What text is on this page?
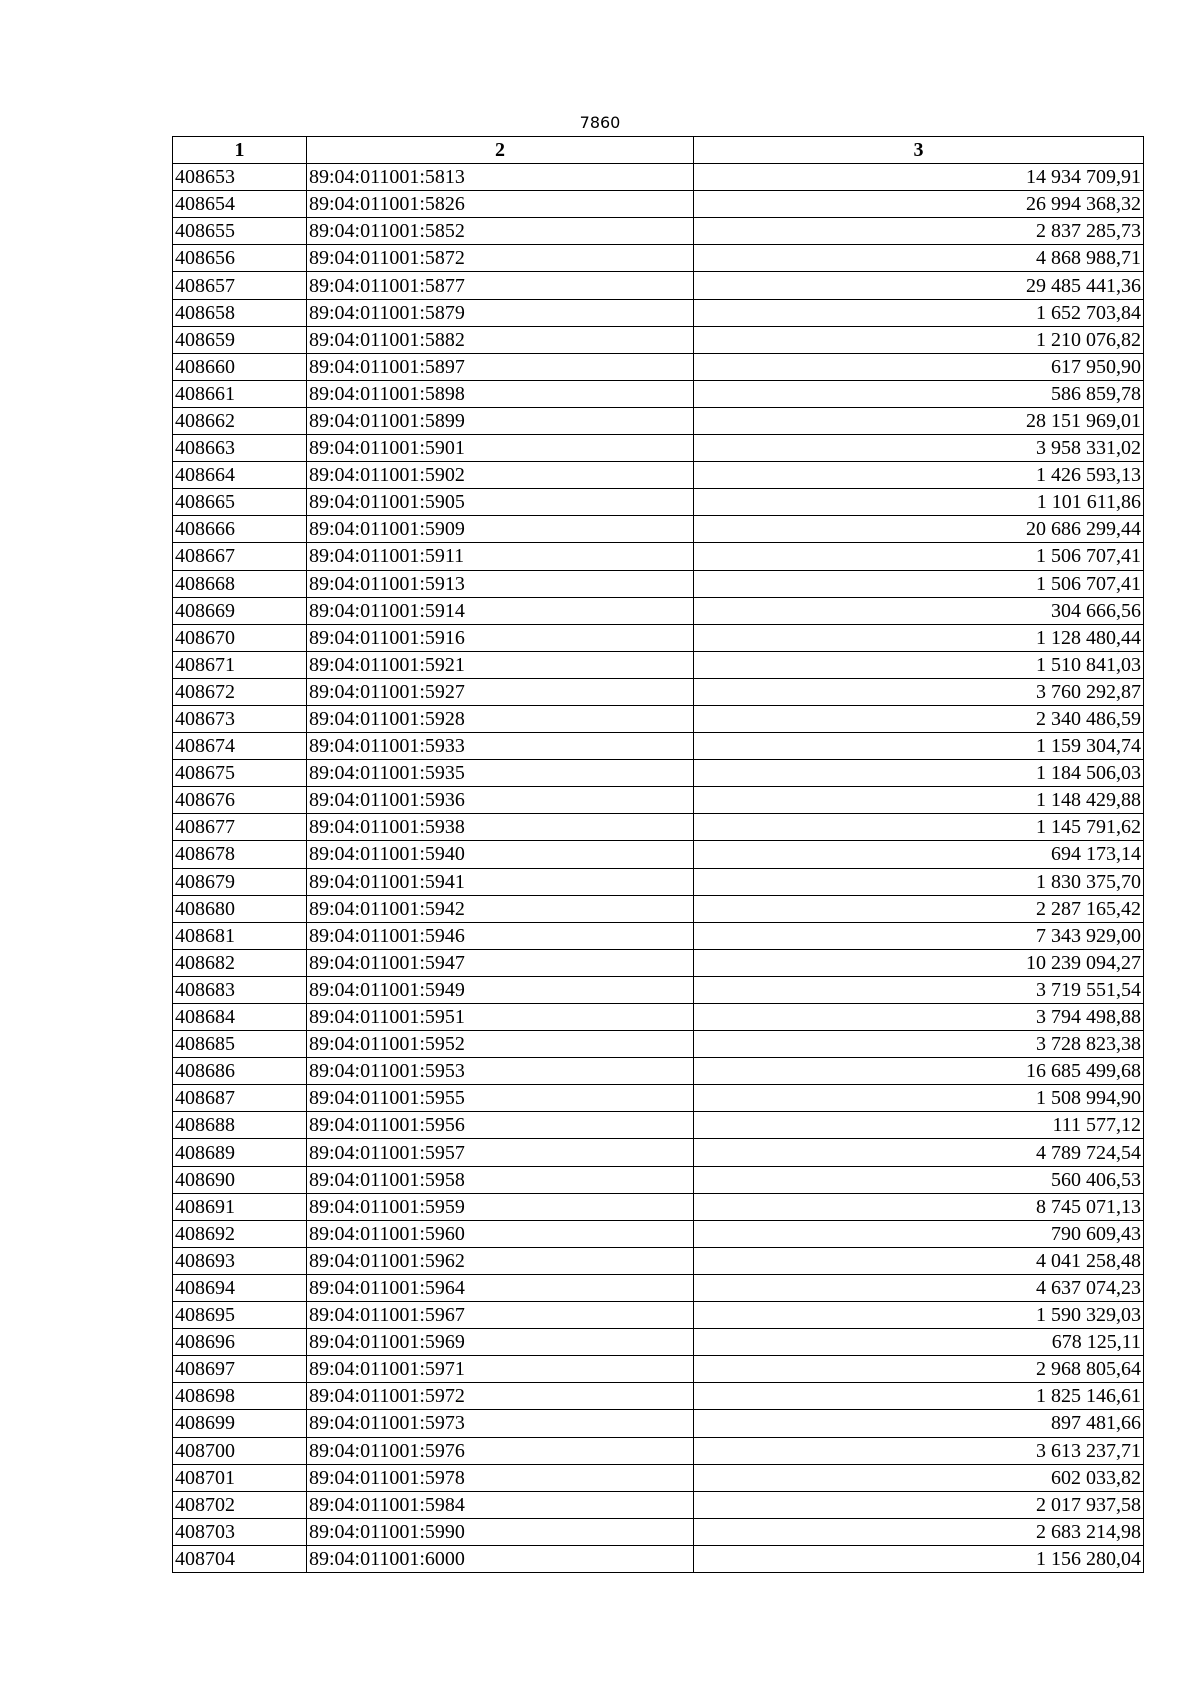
7860
1	2	3
408653	89:04:011001:5813	14 934 709,91
408654	89:04:011001:5826	26 994 368,32
408655	89:04:011001:5852	2 837 285,73
408656	89:04:011001:5872	4 868 988,71
408657	89:04:011001:5877	29 485 441,36
408658	89:04:011001:5879	1 652 703,84
408659	89:04:011001:5882	1 210 076,82
408660	89:04:011001:5897	617 950,90
408661	89:04:011001:5898	586 859,78
408662	89:04:011001:5899	28 151 969,01
408663	89:04:011001:5901	3 958 331,02
408664	89:04:011001:5902	1 426 593,13
408665	89:04:011001:5905	1 101 611,86
408666	89:04:011001:5909	20 686 299,44
408667	89:04:011001:5911	1 506 707,41
408668	89:04:011001:5913	1 506 707,41
408669	89:04:011001:5914	304 666,56
408670	89:04:011001:5916	1 128 480,44
408671	89:04:011001:5921	1 510 841,03
408672	89:04:011001:5927	3 760 292,87
408673	89:04:011001:5928	2 340 486,59
408674	89:04:011001:5933	1 159 304,74
408675	89:04:011001:5935	1 184 506,03
408676	89:04:011001:5936	1 148 429,88
408677	89:04:011001:5938	1 145 791,62
408678	89:04:011001:5940	694 173,14
408679	89:04:011001:5941	1 830 375,70
408680	89:04:011001:5942	2 287 165,42
408681	89:04:011001:5946	7 343 929,00
408682	89:04:011001:5947	10 239 094,27
408683	89:04:011001:5949	3 719 551,54
408684	89:04:011001:5951	3 794 498,88
408685	89:04:011001:5952	3 728 823,38
408686	89:04:011001:5953	16 685 499,68
408687	89:04:011001:5955	1 508 994,90
408688	89:04:011001:5956	111 577,12
408689	89:04:011001:5957	4 789 724,54
408690	89:04:011001:5958	560 406,53
408691	89:04:011001:5959	8 745 071,13
408692	89:04:011001:5960	790 609,43
408693	89:04:011001:5962	4 041 258,48
408694	89:04:011001:5964	4 637 074,23
408695	89:04:011001:5967	1 590 329,03
408696	89:04:011001:5969	678 125,11
408697	89:04:011001:5971	2 968 805,64
408698	89:04:011001:5972	1 825 146,61
408699	89:04:011001:5973	897 481,66
408700	89:04:011001:5976	3 613 237,71
408701	89:04:011001:5978	602 033,82
408702	89:04:011001:5984	2 017 937,58
408703	89:04:011001:5990	2 683 214,98
408704	89:04:011001:6000	1 156 280,04
